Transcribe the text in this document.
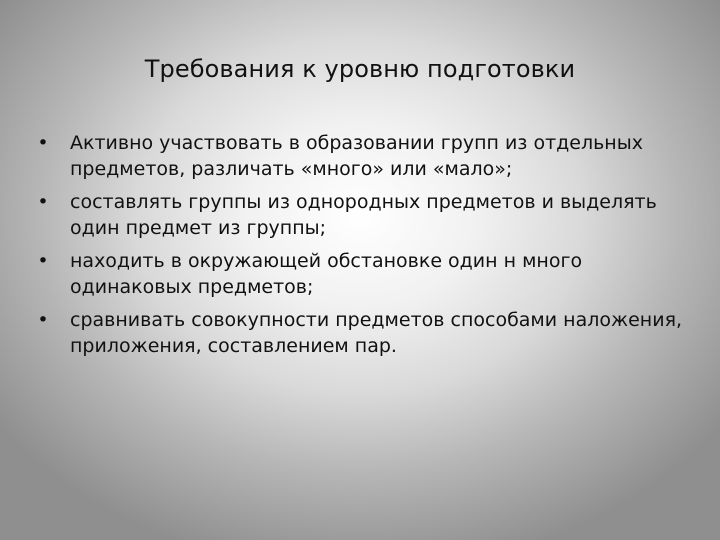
Требования к уровню подготовки
• Активно участвовать в образовании групп из отдельных предметов, различать «много» или «мало»;
• составлять группы из однородных предметов и выделять один предмет из группы;
• находить в окружающей обстановке один н много одинаковых предметов;
• сравнивать совокупности предметов способами наложения, приложения, составлением пар.
